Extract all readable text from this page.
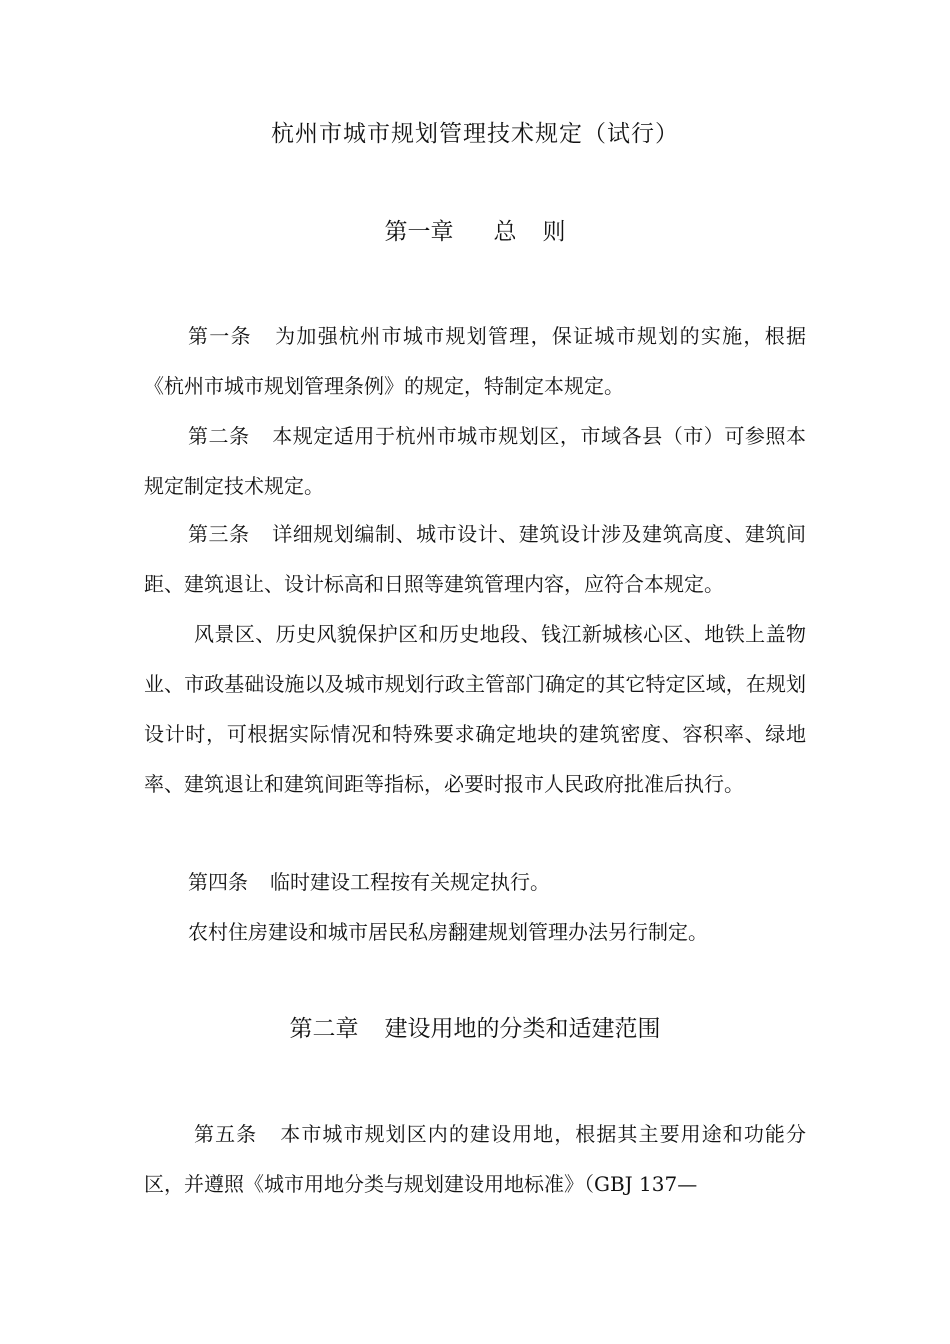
杭州市城市规划管理技术规定（试行）
第一章 总 则
第一条 为加强杭州市城市规划管理，保证城市规划的实施，根据《杭州市城市规划管理条例》的规定，特制定本规定。
第二条 本规定适用于杭州市城市规划区，市域各县（市）可参照本规定制定技术规定。
第三条 详细规划编制、城市设计、建筑设计涉及建筑高度、建筑间距、建筑退让、设计标高和日照等建筑管理内容，应符合本规定。
风景区、历史风貌保护区和历史地段、钱江新城核心区、地铁上盖物业、市政基础设施以及城市规划行政主管部门确定的其它特定区域，在规划设计时，可根据实际情况和特殊要求确定地块的建筑密度、容积率、绿地率、建筑退让和建筑间距等指标，必要时报市人民政府批准后执行。
第四条 临时建设工程按有关规定执行。
农村住房建设和城市居民私房翻建规划管理办法另行制定。
第二章 建设用地的分类和适建范围
第五条 本市城市规划区内的建设用地，根据其主要用途和功能分区，并遵照《城市用地分类与规划建设用地标准》（GBJ 137—
